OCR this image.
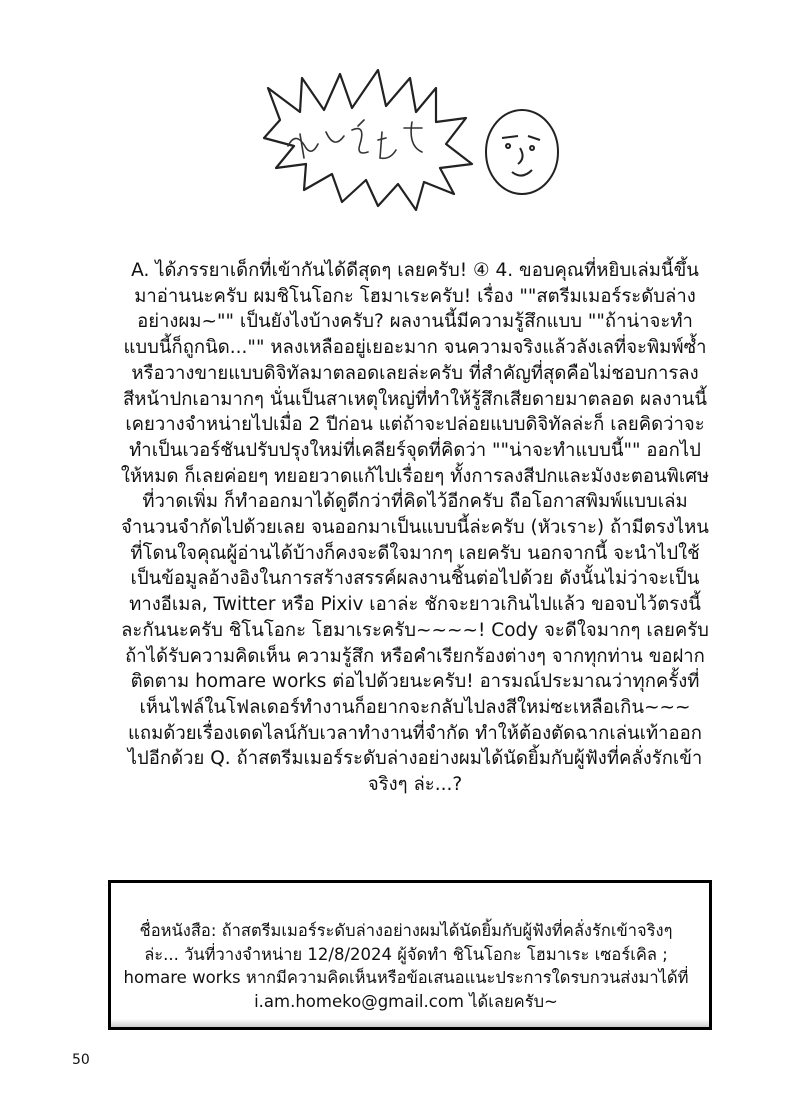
A. ได้ภรรยาเด็กที่เข้ากันได้ดีสุดๆ เลยครับ! ④ 4. ขอบคุณที่หยิบเล่มนี้ขึ้นมาอ่านนะครับ ผมชิโนโอกะ โฮมาเระครับ! เรื่อง ""สตรีมเมอร์ระดับล่างอย่างผม~"" เป็นยังไงบ้างครับ? ผลงานนี้มีความรู้สึกแบบ ""ถ้าน่าจะทำแบบนี้ก็ถูกนิด..."" หลงเหลืออยู่เยอะมาก จนความจริงแล้วลังเลที่จะพิมพ์ซ้ำหรือวางขายแบบดิจิทัลมาตลอดเลยล่ะครับ ที่สำคัญที่สุดคือไม่ชอบการลงสีหน้าปกเอามากๆ นั่นเป็นสาเหตุใหญ่ที่ทำให้รู้สึกเสียดายมาตลอด ผลงานนี้เคยวางจำหน่ายไปเมื่อ 2 ปีก่อน แต่ถ้าจะปล่อยแบบดิจิทัลล่ะก็ เลยคิดว่าจะทำเป็นเวอร์ชันปรับปรุงใหม่ที่เคลียร์จุดที่คิดว่า ""น่าจะทำแบบนี้"" ออกไปให้หมด ก็เลยค่อยๆ ทยอยวาดแก้ไปเรื่อยๆ ทั้งการลงสีปกและมังงะตอนพิเศษที่วาดเพิ่ม ก็ทำออกมาได้ดูดีกว่าที่คิดไว้อีกครับ ถือโอกาสพิมพ์แบบเล่มจำนวนจำกัดไปด้วยเลย จนออกมาเป็นแบบนี้ล่ะครับ (หัวเราะ) ถ้ามีตรงไหนที่โดนใจคุณผู้อ่านได้บ้างก็คงจะดีใจมากๆ เลยครับ นอกจากนี้ จะนำไปใช้เป็นข้อมูลอ้างอิงในการสร้างสรรค์ผลงานชิ้นต่อไปด้วย ดังนั้นไม่ว่าจะเป็นทางอีเมล, Twitter หรือ Pixiv เอาล่ะ ชักจะยาวเกินไปแล้ว ขอจบไว้ตรงนี้ละกันนะครับ ชิโนโอกะ โฮมาเระครับ~~~~! Cody จะดีใจมากๆ เลยครับถ้าได้รับความคิดเห็น ความรู้สึก หรือคำเรียกร้องต่างๆ จากทุกท่าน ขอฝากติดตาม homare works ต่อไปด้วยนะครับ! อารมณ์ประมาณว่าทุกครั้งที่เห็นไฟล์ในโฟลเดอร์ทำงานก็อยากจะกลับไปลงสีใหม่ซะเหลือเกิน~~~ แถมด้วยเรื่องเดดไลน์กับเวลาทำงานที่จำกัด ทำให้ต้องตัดฉากเล่นเท้าออกไปอีกด้วย Q. ถ้าสตรีมเมอร์ระดับล่างอย่างผมได้นัดยิ้มกับผู้ฟังที่คลั่งรักเข้าจริงๆ ล่ะ...?

ชื่อหนังสือ: ถ้าสตรีมเมอร์ระดับล่างอย่างผมได้นัดยิ้มกับผู้ฟังที่คลั่งรักเข้าจริงๆ ล่ะ... วันที่วางจำหน่าย 12/8/2024 ผู้จัดทำ ชิโนโอกะ โฮมาเระ เซอร์เคิล ; homare works หากมีความคิดเห็นหรือข้อเสนอแนะประการใดรบกวนส่งมาได้ที่ i.am.homeko@gmail.com ได้เลยครับ~

50
